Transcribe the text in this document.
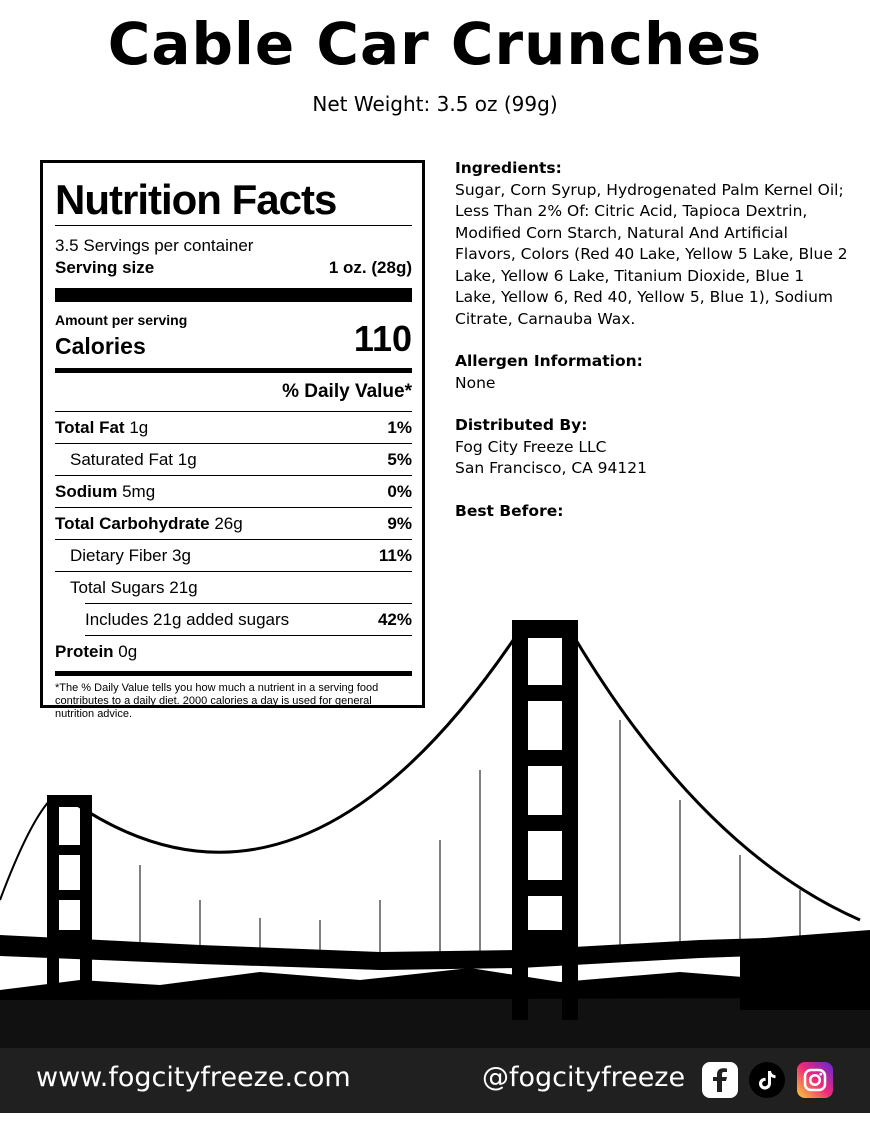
Cable Car Crunches
Net Weight: 3.5 oz (99g)
Nutrition Facts
3.5 Servings per container
Serving size	1 oz. (28g)
Amount per serving
Calories	110
% Daily Value*
Total Fat 1g	1%
Saturated Fat 1g	5%
Sodium 5mg	0%
Total Carbohydrate 26g	9%
Dietary Fiber 3g	11%
Total Sugars 21g
Includes 21g added sugars	42%
Protein 0g
*The % Daily Value tells you how much a nutrient in a serving food contributes to a daily diet. 2000 calories a day is used for general nutrition advice.
Ingredients:
Sugar, Corn Syrup, Hydrogenated Palm Kernel Oil; Less Than 2% Of: Citric Acid, Tapioca Dextrin, Modified Corn Starch, Natural And Artificial Flavors, Colors (Red 40 Lake, Yellow 5 Lake, Blue 2 Lake, Yellow 6 Lake, Titanium Dioxide, Blue 1 Lake, Yellow 6, Red 40, Yellow 5, Blue 1), Sodium Citrate, Carnauba Wax.
Allergen Information:
None
Distributed By:
Fog City Freeze LLC
San Francisco, CA 94121
Best Before:
www.fogcityfreeze.com	@fogcityfreeze
